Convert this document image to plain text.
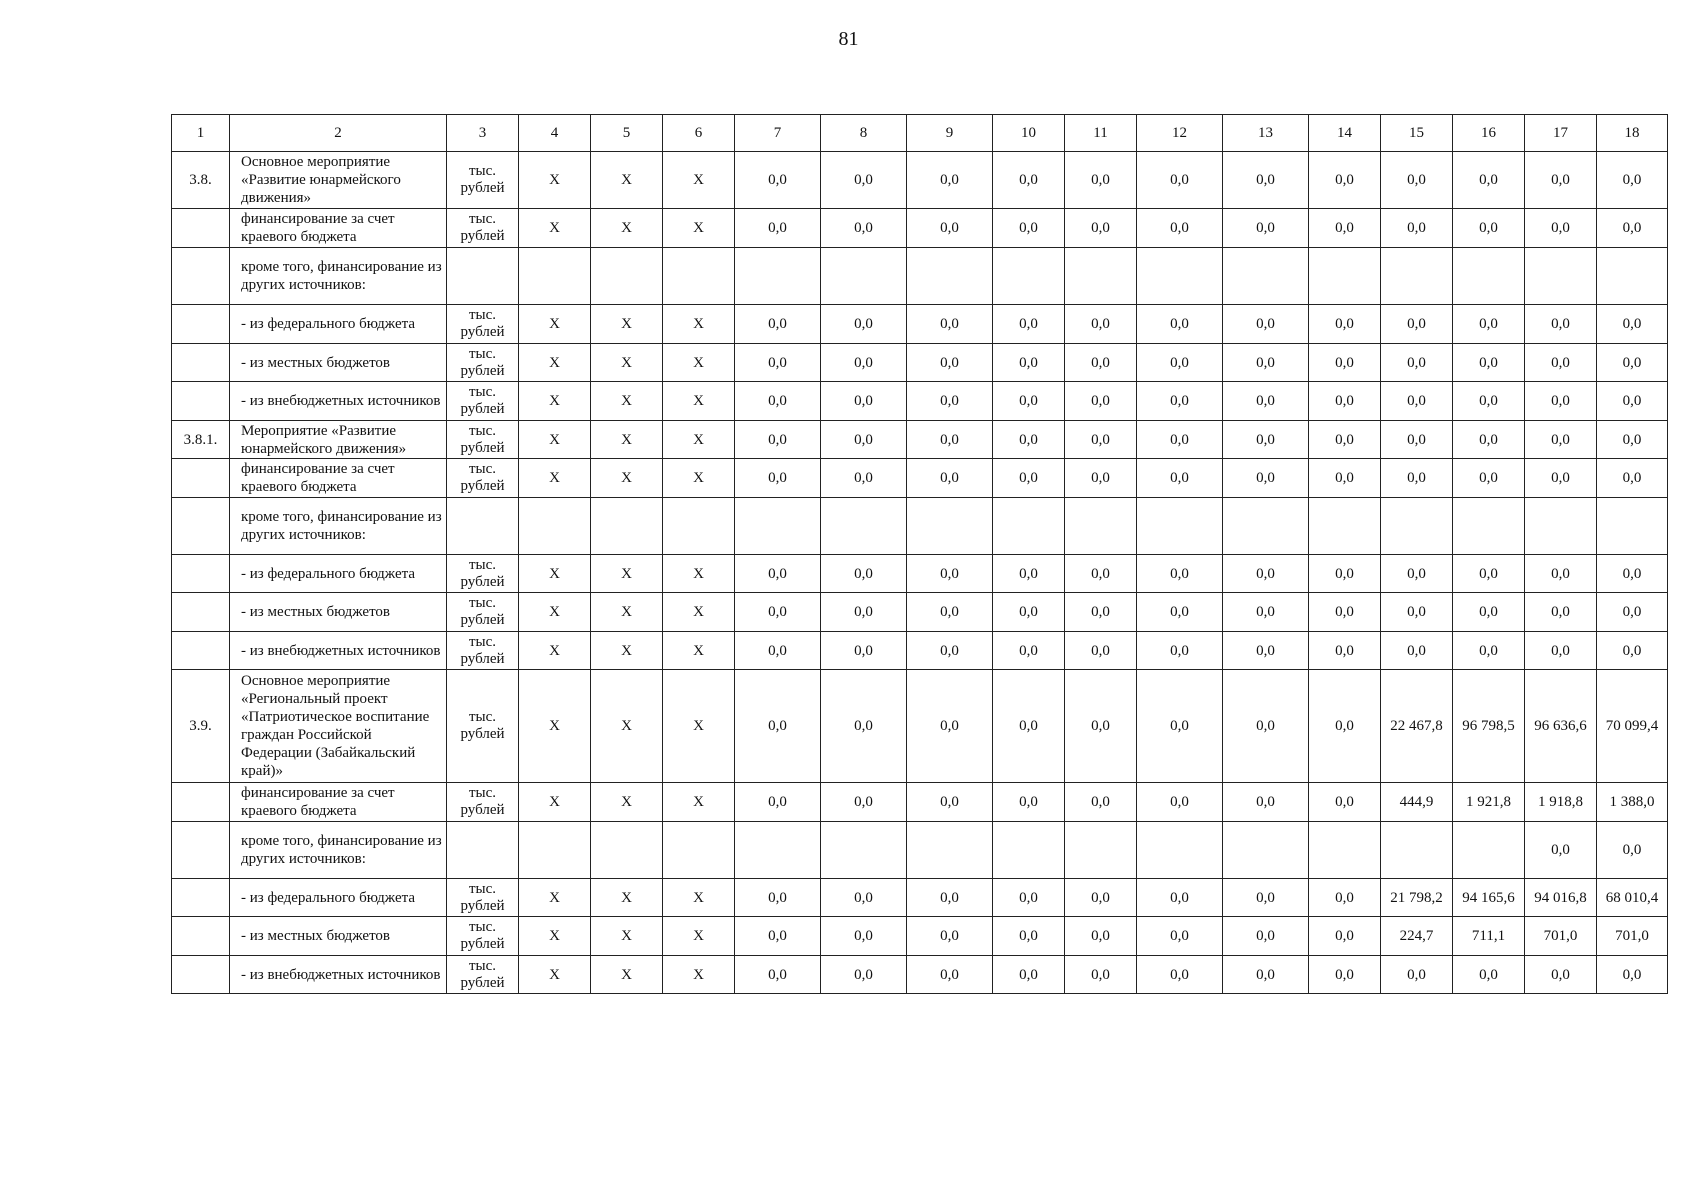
81
1	2	3	4	5	6	7	8	9	10	11	12	13	14	15	16	17	18
3.8.	Основное мероприятие «Развитие юнармейского движения»	тыс. рублей	X	X	X	0,0	0,0	0,0	0,0	0,0	0,0	0,0	0,0	0,0	0,0	0,0	0,0
	финансирование за счет краевого бюджета	тыс. рублей	X	X	X	0,0	0,0	0,0	0,0	0,0	0,0	0,0	0,0	0,0	0,0	0,0	0,0
	кроме того, финансирование из других источников:																
	- из федерального бюджета	тыс. рублей	X	X	X	0,0	0,0	0,0	0,0	0,0	0,0	0,0	0,0	0,0	0,0	0,0	0,0
	- из местных бюджетов	тыс. рублей	X	X	X	0,0	0,0	0,0	0,0	0,0	0,0	0,0	0,0	0,0	0,0	0,0	0,0
	- из внебюджетных источников	тыс. рублей	X	X	X	0,0	0,0	0,0	0,0	0,0	0,0	0,0	0,0	0,0	0,0	0,0	0,0
3.8.1.	Мероприятие «Развитие юнармейского движения»	тыс. рублей	X	X	X	0,0	0,0	0,0	0,0	0,0	0,0	0,0	0,0	0,0	0,0	0,0	0,0
	финансирование за счет краевого бюджета	тыс. рублей	X	X	X	0,0	0,0	0,0	0,0	0,0	0,0	0,0	0,0	0,0	0,0	0,0	0,0
	кроме того, финансирование из других источников:																
	- из федерального бюджета	тыс. рублей	X	X	X	0,0	0,0	0,0	0,0	0,0	0,0	0,0	0,0	0,0	0,0	0,0	0,0
	- из местных бюджетов	тыс. рублей	X	X	X	0,0	0,0	0,0	0,0	0,0	0,0	0,0	0,0	0,0	0,0	0,0	0,0
	- из внебюджетных источников	тыс. рублей	X	X	X	0,0	0,0	0,0	0,0	0,0	0,0	0,0	0,0	0,0	0,0	0,0	0,0
3.9.	Основное мероприятие «Региональный проект «Патриотическое воспитание граждан Российской Федерации (Забайкальский край)»	тыс. рублей	X	X	X	0,0	0,0	0,0	0,0	0,0	0,0	0,0	0,0	22 467,8	96 798,5	96 636,6	70 099,4
	финансирование за счет краевого бюджета	тыс. рублей	X	X	X	0,0	0,0	0,0	0,0	0,0	0,0	0,0	0,0	444,9	1 921,8	1 918,8	1 388,0
	кроме того, финансирование из других источников:															0,0	0,0
	- из федерального бюджета	тыс. рублей	X	X	X	0,0	0,0	0,0	0,0	0,0	0,0	0,0	0,0	21 798,2	94 165,6	94 016,8	68 010,4
	- из местных бюджетов	тыс. рублей	X	X	X	0,0	0,0	0,0	0,0	0,0	0,0	0,0	0,0	224,7	711,1	701,0	701,0
	- из внебюджетных источников	тыс. рублей	X	X	X	0,0	0,0	0,0	0,0	0,0	0,0	0,0	0,0	0,0	0,0	0,0	0,0
